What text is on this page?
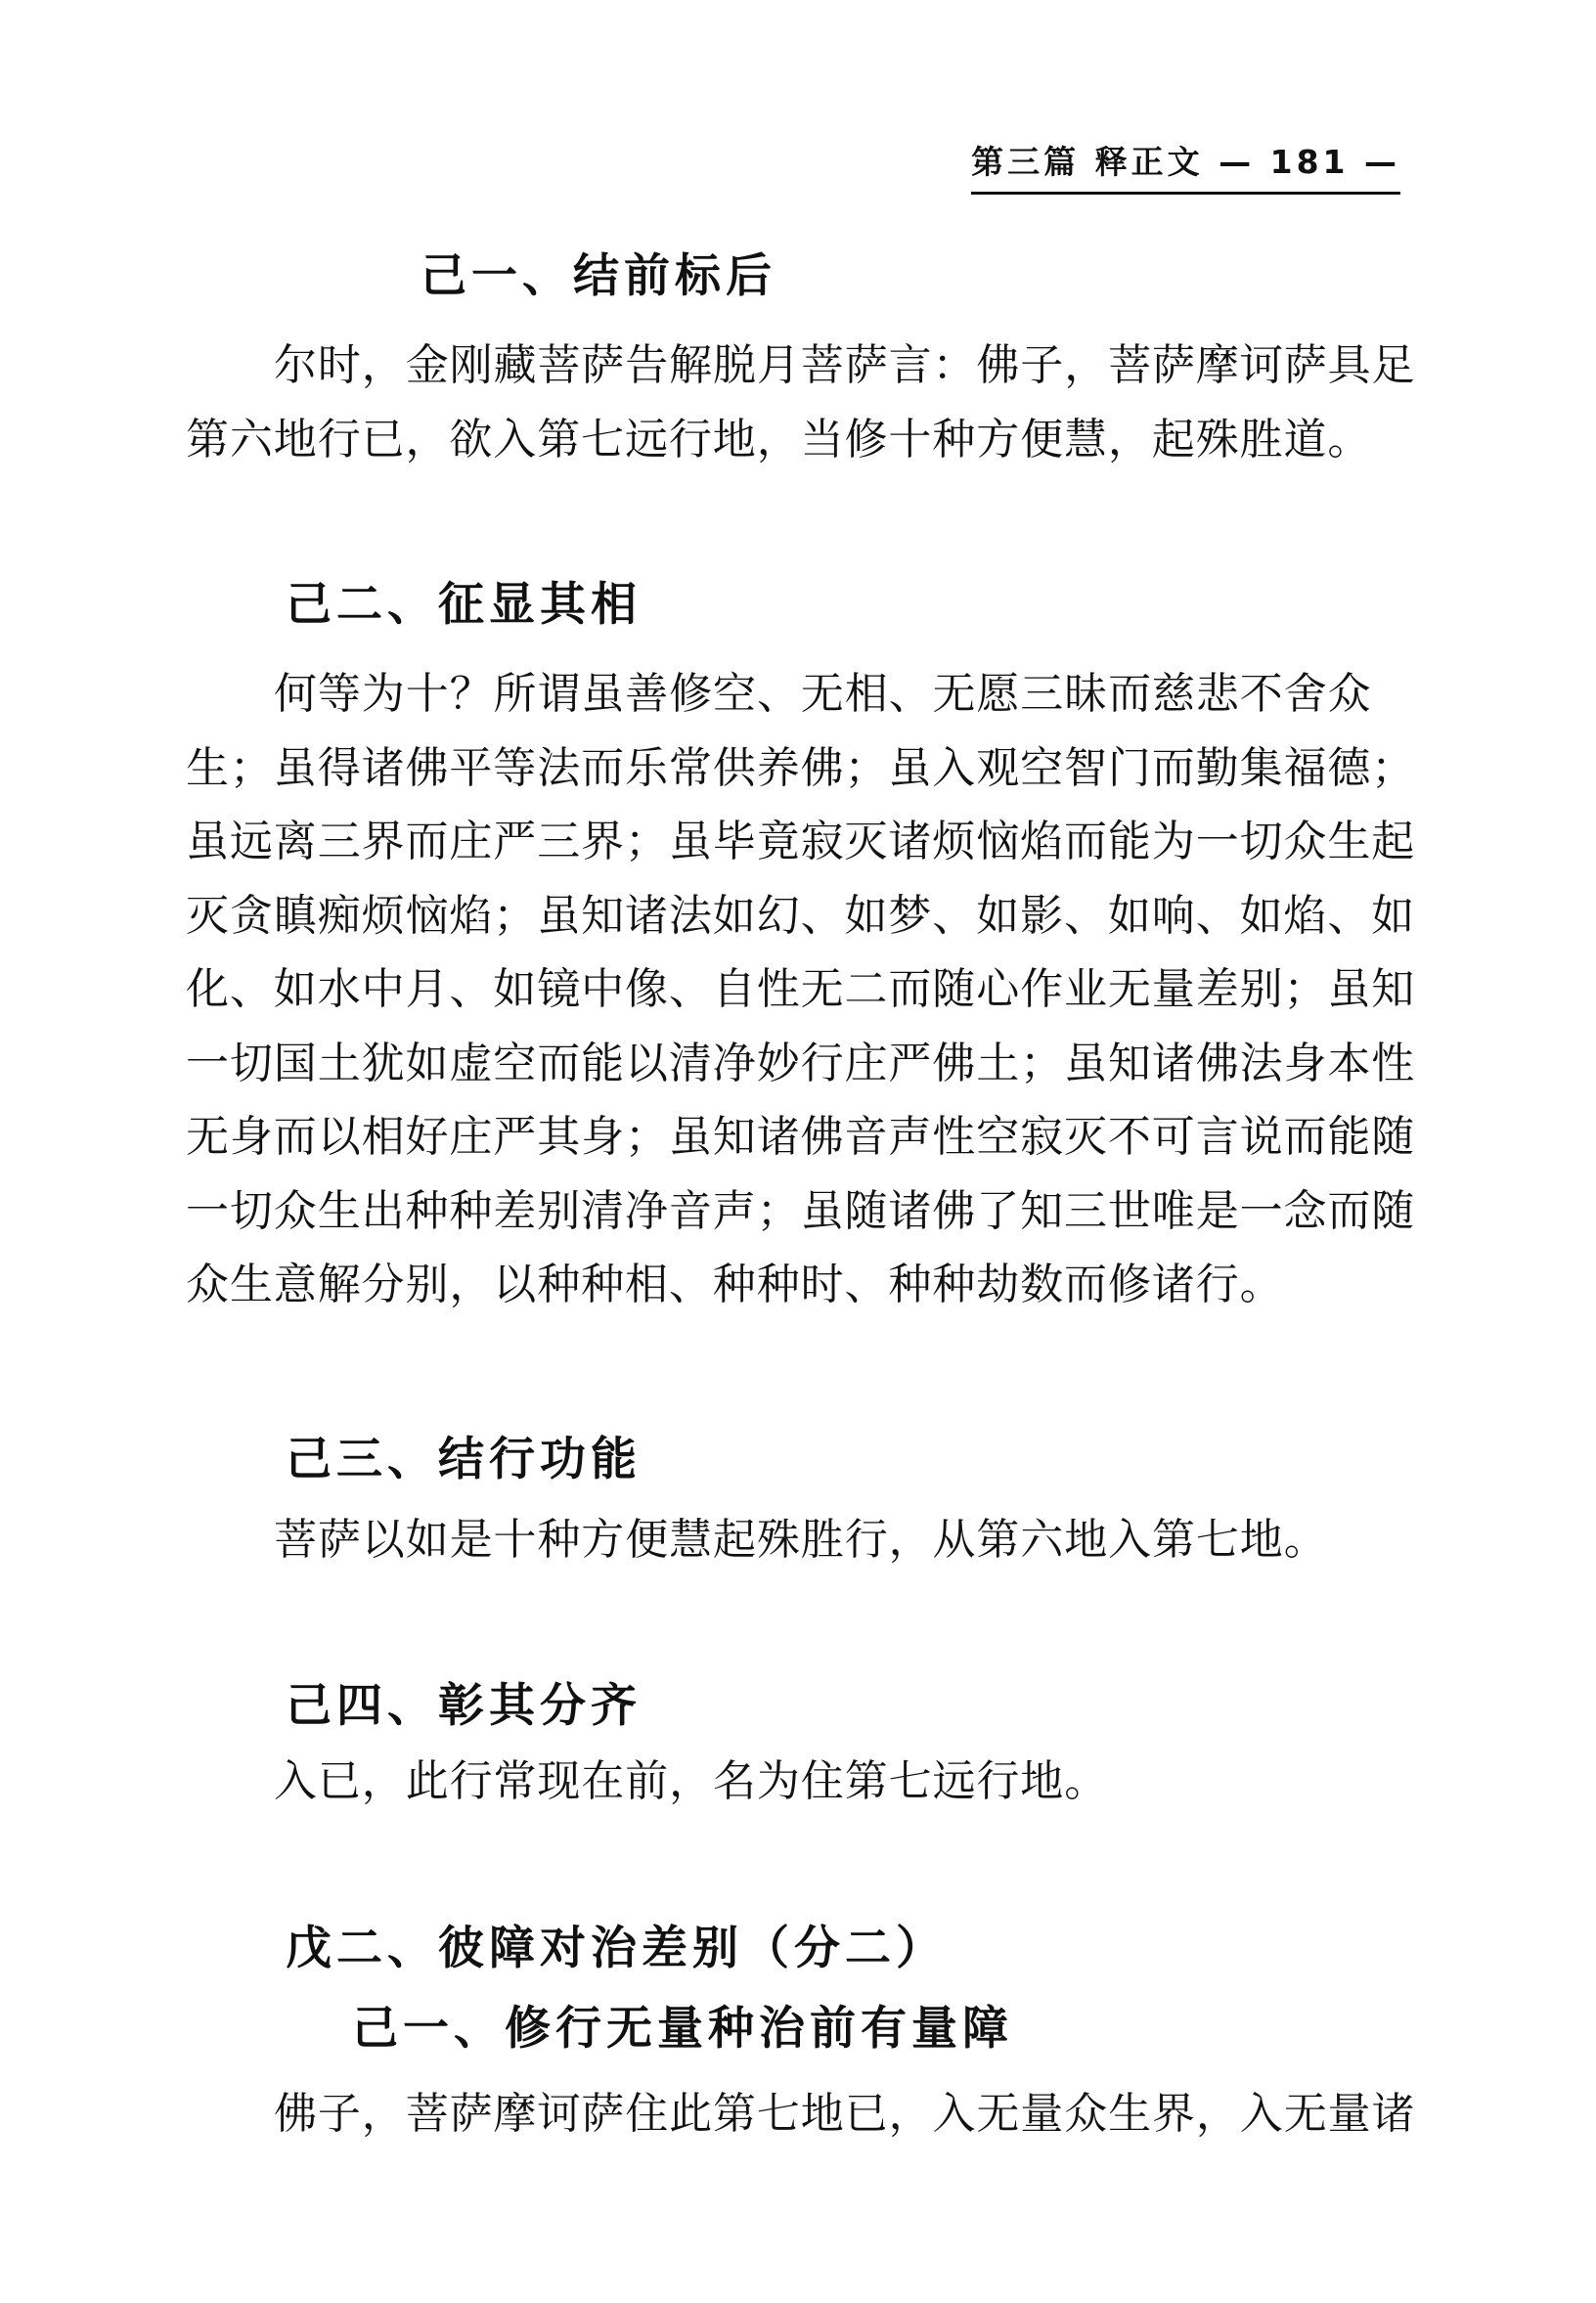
第三篇 释正文 — 181 —
己一、结前标后
尔时，金刚藏菩萨告解脱月菩萨言：佛子，菩萨摩诃萨具足
第六地行已，欲入第七远行地，当修十种方便慧，起殊胜道。
己二、征显其相
何等为十？所谓虽善修空、无相、无愿三昧而慈悲不舍众
生；虽得诸佛平等法而乐常供养佛；虽入观空智门而勤集福德；
虽远离三界而庄严三界；虽毕竟寂灭诸烦恼焰而能为一切众生起
灭贪瞋痴烦恼焰；虽知诸法如幻、如梦、如影、如响、如焰、如
化、如水中月、如镜中像、自性无二而随心作业无量差别；虽知
一切国土犹如虚空而能以清净妙行庄严佛土；虽知诸佛法身本性
无身而以相好庄严其身；虽知诸佛音声性空寂灭不可言说而能随
一切众生出种种差别清净音声；虽随诸佛了知三世唯是一念而随
众生意解分别，以种种相、种种时、种种劫数而修诸行。
己三、结行功能
菩萨以如是十种方便慧起殊胜行，从第六地入第七地。
己四、彰其分齐
入已，此行常现在前，名为住第七远行地。
戊二、彼障对治差别（分二）
己一、修行无量种治前有量障
佛子，菩萨摩诃萨住此第七地已，入无量众生界，入无量诸
